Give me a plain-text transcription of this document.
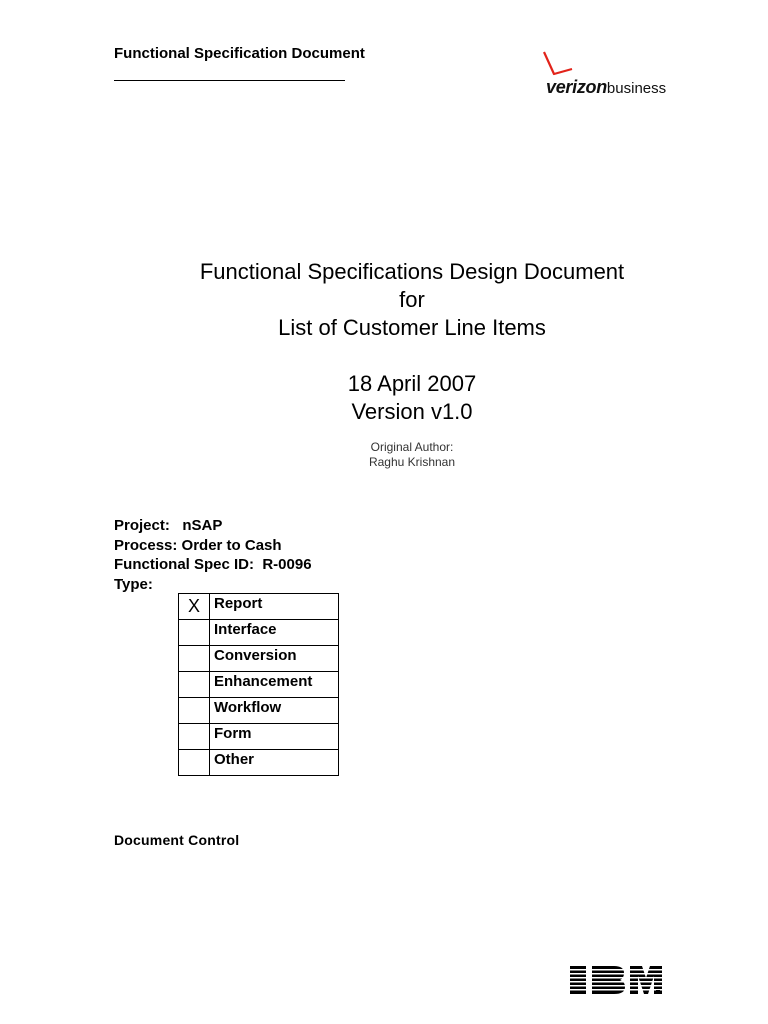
Functional Specification Document
verizonbusiness
Functional Specifications Design Document
for
List of Customer Line Items
18 April 2007
Version v1.0
Original Author:
Raghu Krishnan
Project:   nSAP
Process: Order to Cash
Functional Spec ID:  R-0096
Type:
X	Report
	Interface
	Conversion
	Enhancement
	Workflow
	Form
	Other
Document Control
